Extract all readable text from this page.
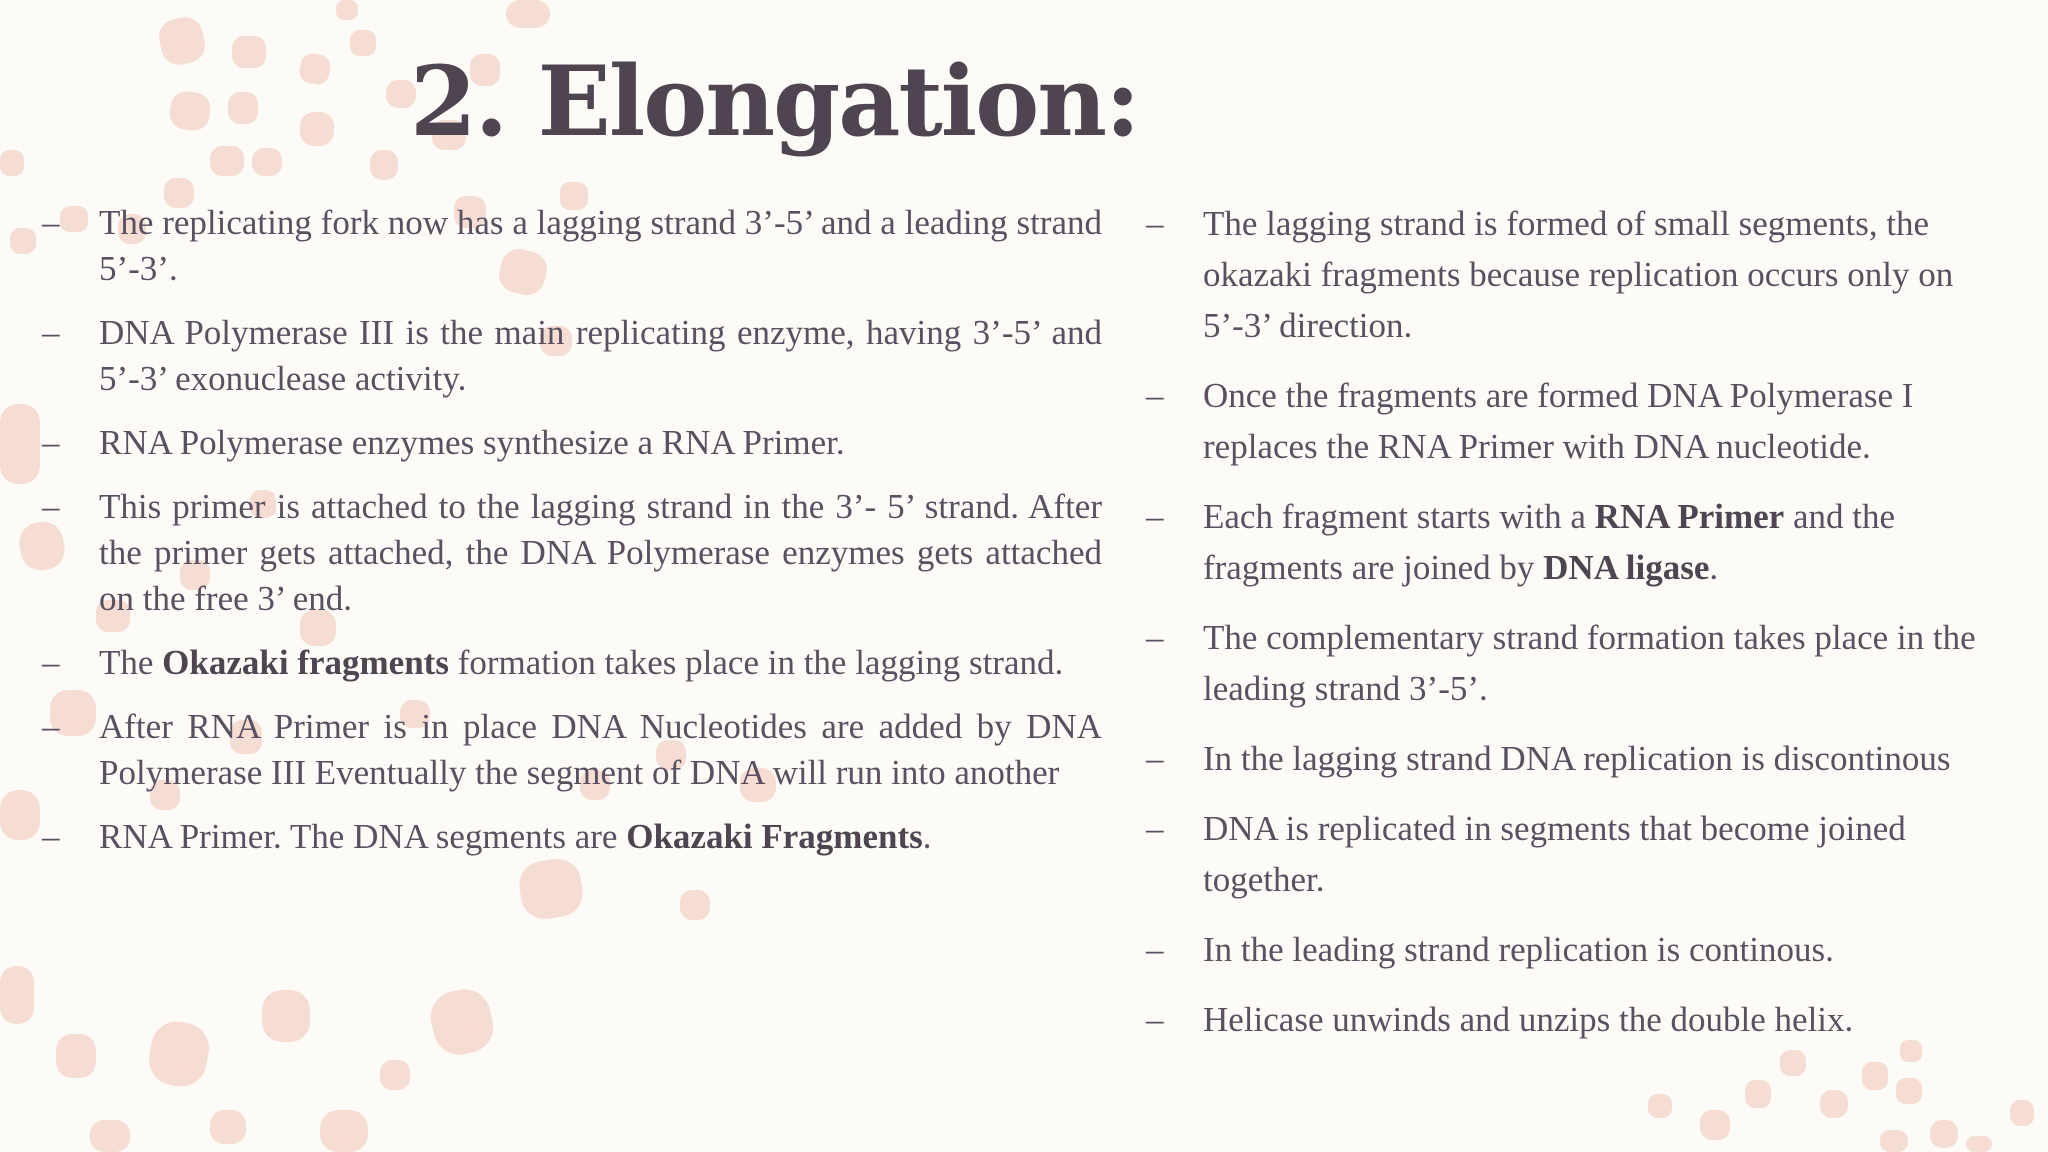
2. Elongation:
– The replicating fork now has a lagging strand 3’-5’ and a leading strand 5’-3’.
– DNA Polymerase III is the main replicating enzyme, having 3’-5’ and 5’-3’ exonuclease activity.
– RNA Polymerase enzymes synthesize a RNA Primer.
– This primer is attached to the lagging strand in the 3’- 5’ strand. After the primer gets attached, the DNA Polymerase enzymes gets attached on the free 3’ end.
– The Okazaki fragments formation takes place in the lagging strand.
– After RNA Primer is in place DNA Nucleotides are added by DNA Polymerase III Eventually the segment of DNA will run into another
– RNA Primer. The DNA segments are Okazaki Fragments.
– The lagging strand is formed of small segments, the okazaki fragments because replication occurs only on 5’-3’ direction.
– Once the fragments are formed DNA Polymerase I replaces the RNA Primer with DNA nucleotide.
– Each fragment starts with a RNA Primer and the fragments are joined by DNA ligase.
– The complementary strand formation takes place in the leading strand 3’-5’.
– In the lagging strand DNA replication is discontinous
– DNA is replicated in segments that become joined together.
– In the leading strand replication is continous.
– Helicase unwinds and unzips the double helix.
